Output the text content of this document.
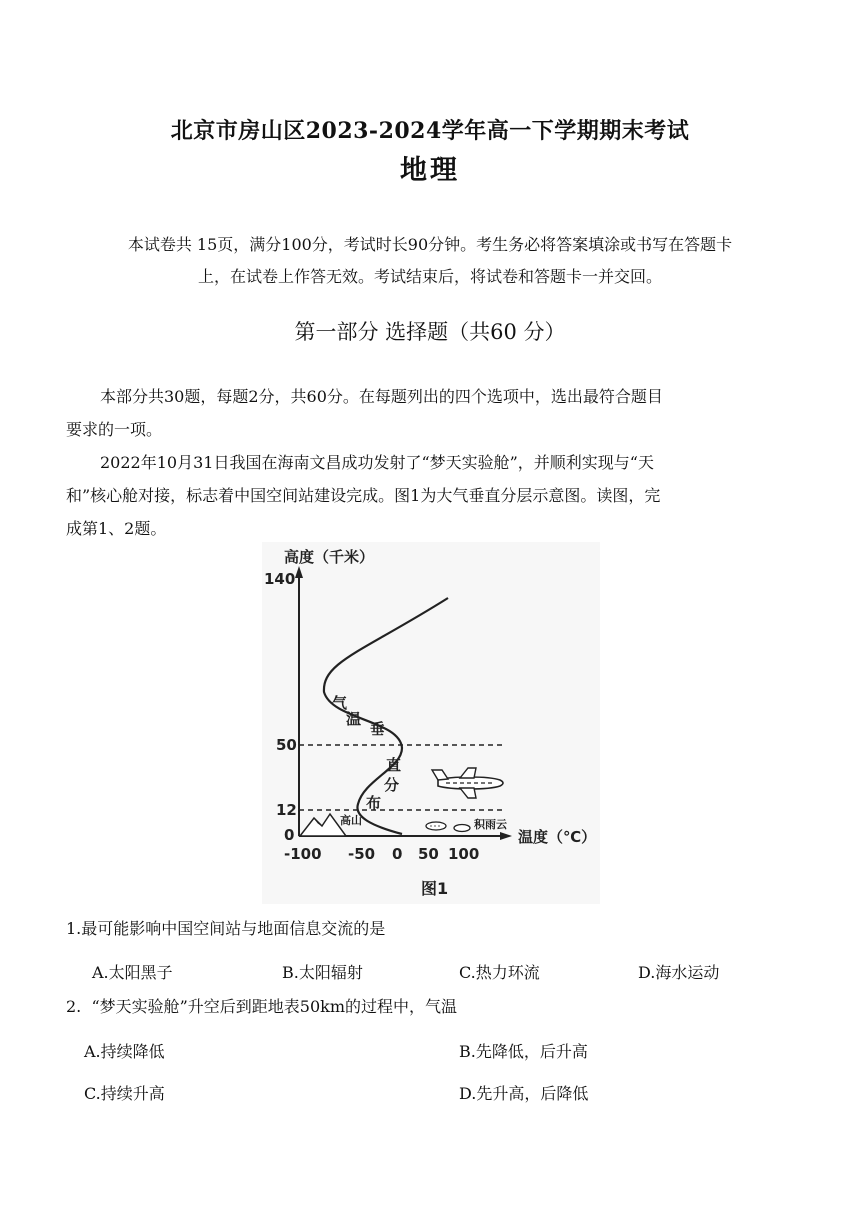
北京市房山区2023-2024学年高一下学期期末考试
地理
本试卷共 15页，满分100分，考试时长90分钟。考生务必将答案填涂或书写在答题卡
上，在试卷上作答无效。考试结束后，将试卷和答题卡一并交回。
第一部分 选择题（共60 分）
本部分共30题，每题2分，共60分。在每题列出的四个选项中，选出最符合题目
要求的一项。
2022年10月31日我国在海南文昌成功发射了“梦天实验舱”，并顺利实现与“天
和”核心舱对接，标志着中国空间站建设完成。图1为大气垂直分层示意图。读图，完
成第1、2题。
高度（千米）
温度（℃）
140
50
12
0
-100 -50 0 50 100
气
温
垂
直
分
布
高山	积雨云
图1
1.最可能影响中国空间站与地面信息交流的是
A.太阳黑子	B.太阳辐射	C.热力环流	D.海水运动
2.  “梦天实验舱”升空后到距地表50km的过程中，气温
A.持续降低	B.先降低，后升高
C.持续升高	D.先升高，后降低
